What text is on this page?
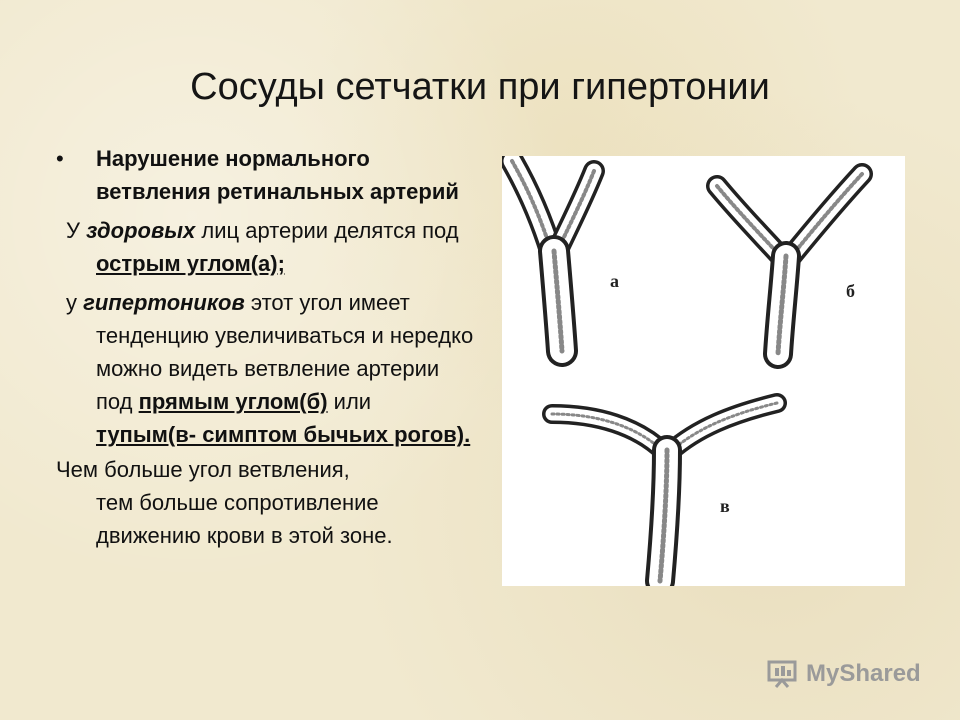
Сосуды сетчатки при гипертонии
• Нарушение нормального ветвления ретинальных артерий
У здоровых лиц артерии делятся под острым углом(а);
у гипертоников этот угол имеет тенденцию увеличиваться и нередко можно видеть ветвление артерии под прямым углом(б) или тупым(в- симптом бычьих рогов).
Чем больше угол ветвления,
тем больше сопротивление движению крови в этой зоне.
а	б
в
MyShared
